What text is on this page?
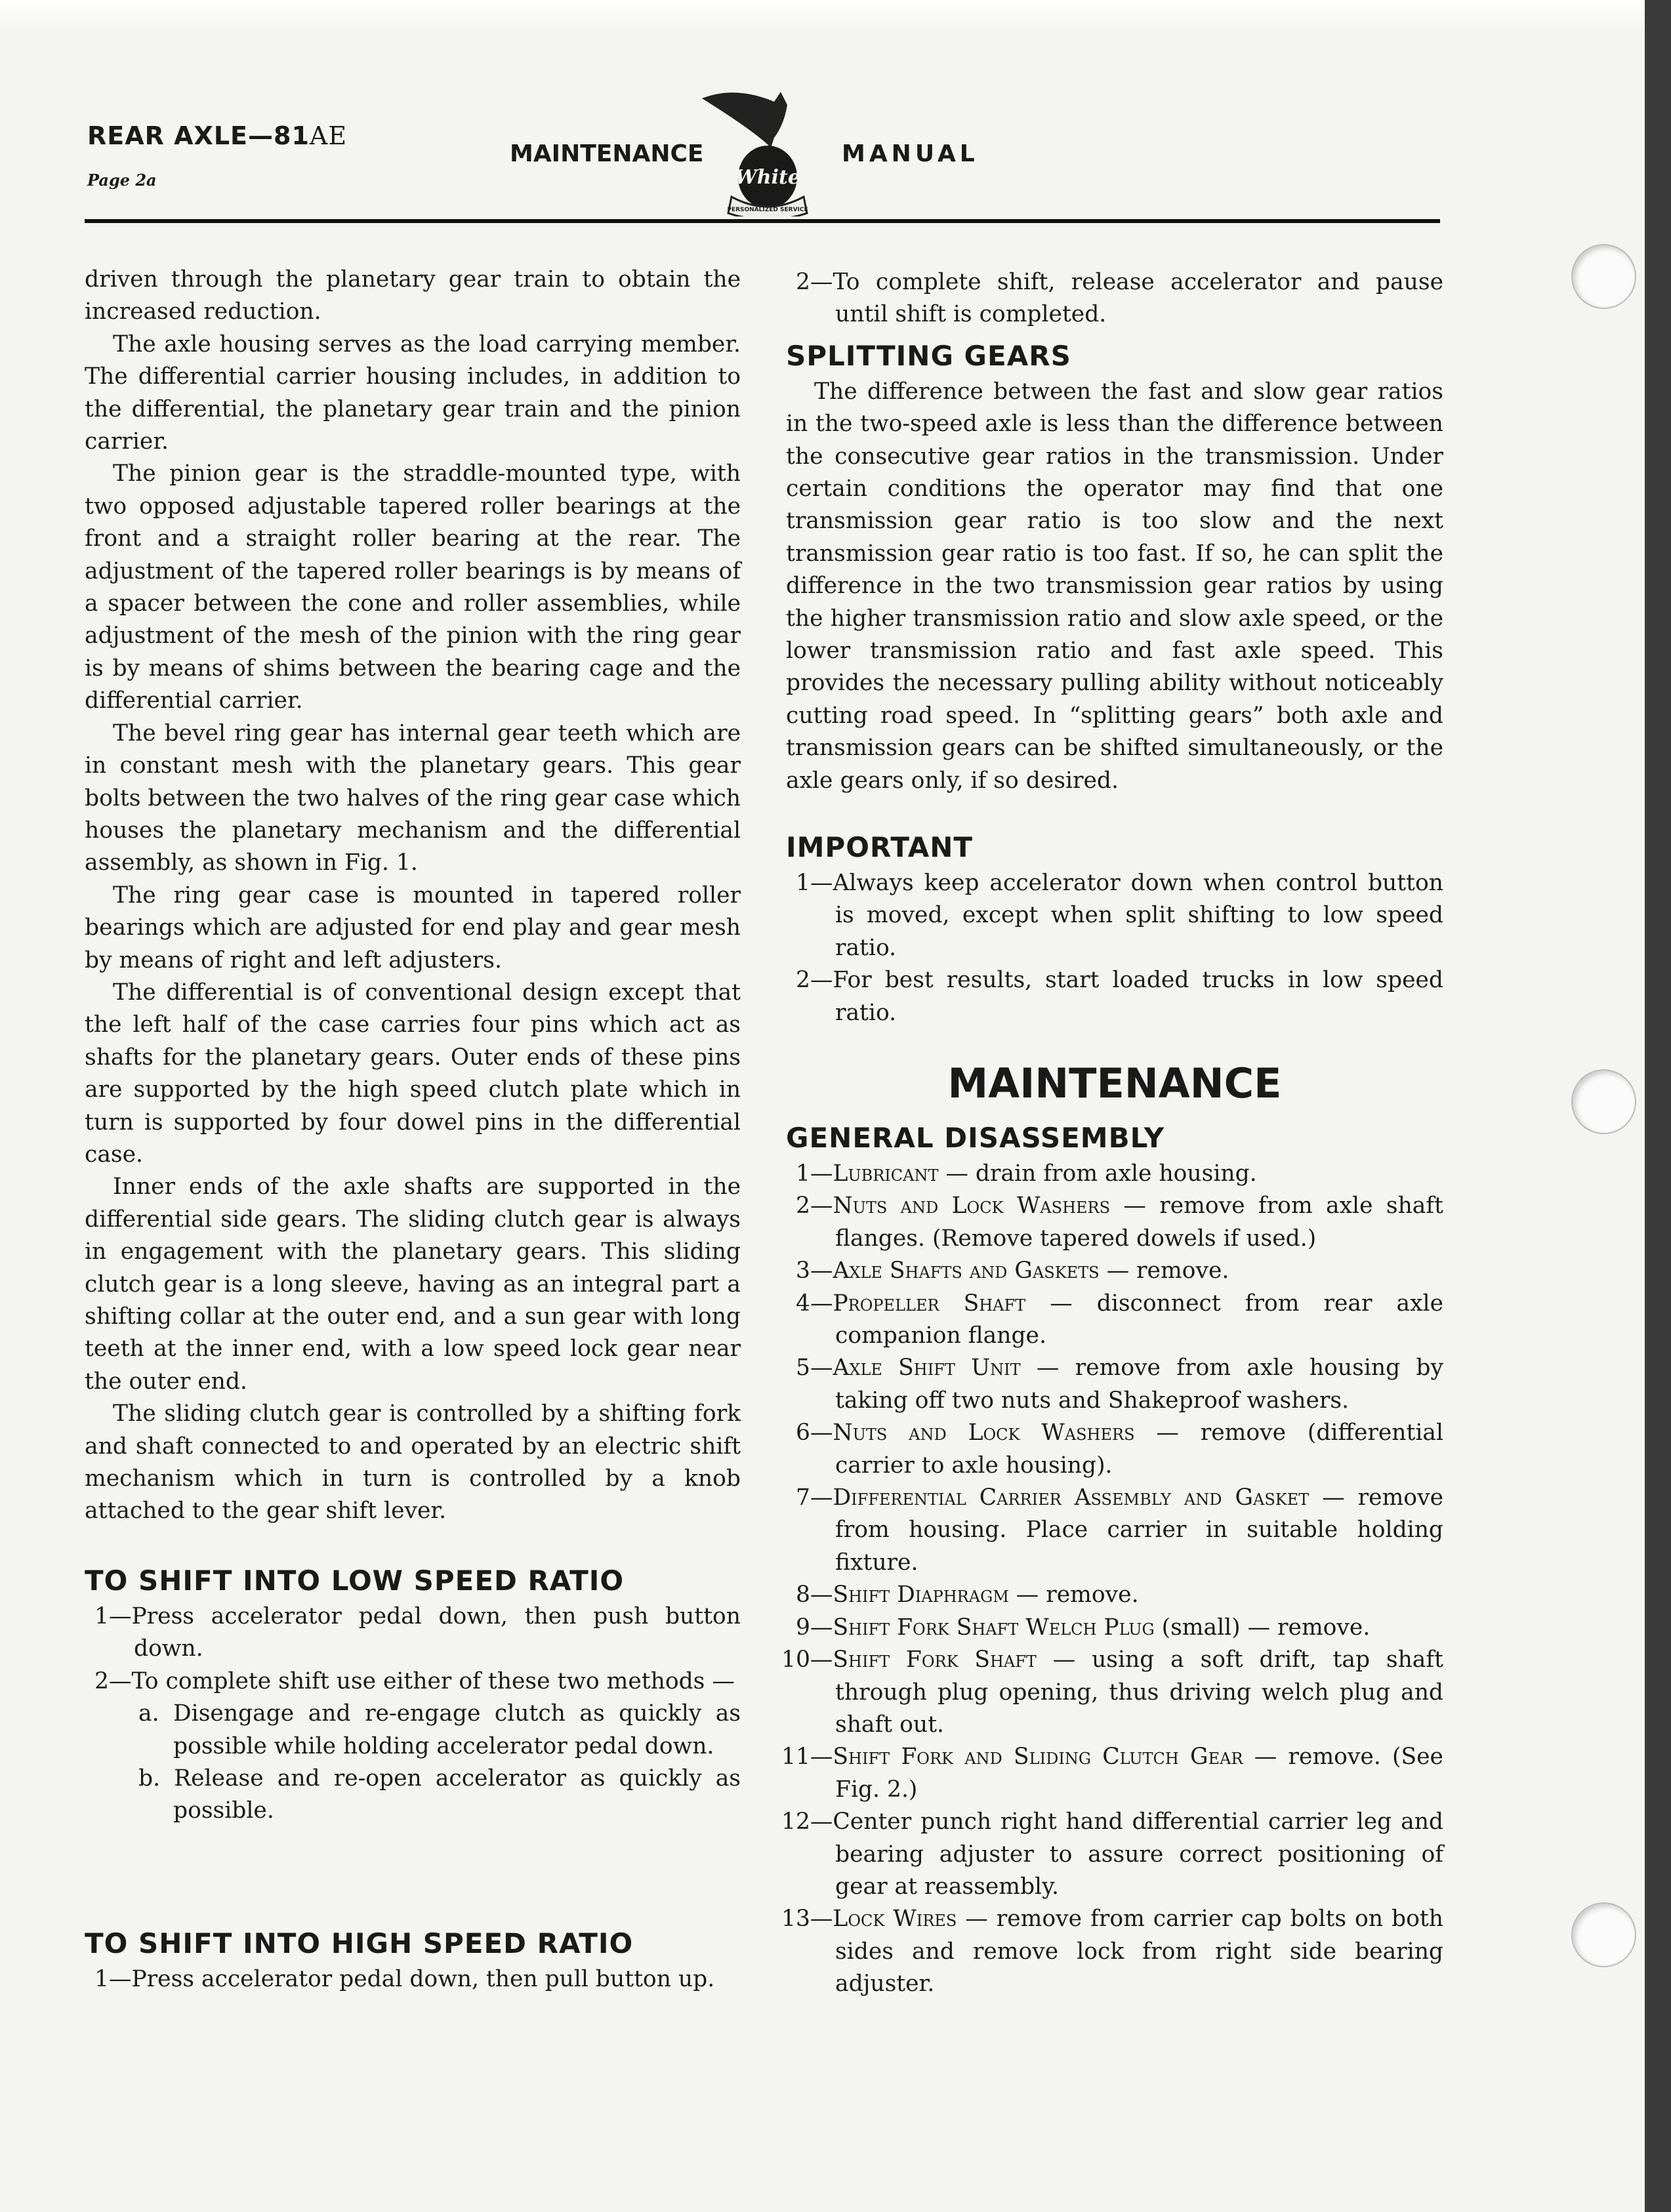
REAR AXLE—81AE
Page 2a
MAINTENANCE	MANUAL
White
PERSONALIZED SERVICE

driven through the planetary gear train to obtain the increased reduction.

The axle housing serves as the load carrying member. The differential carrier housing includes, in addition to the differential, the planetary gear train and the pinion carrier.

The pinion gear is the straddle-mounted type, with two opposed adjustable tapered roller bearings at the front and a straight roller bearing at the rear. The adjustment of the tapered roller bearings is by means of a spacer between the cone and roller assemblies, while adjustment of the mesh of the pinion with the ring gear is by means of shims between the bearing cage and the differential carrier.

The bevel ring gear has internal gear teeth which are in constant mesh with the planetary gears. This gear bolts between the two halves of the ring gear case which houses the planetary mechanism and the differential assembly, as shown in Fig. 1.

The ring gear case is mounted in tapered roller bearings which are adjusted for end play and gear mesh by means of right and left adjusters.

The differential is of conventional design except that the left half of the case carries four pins which act as shafts for the planetary gears. Outer ends of these pins are supported by the high speed clutch plate which in turn is supported by four dowel pins in the differential case.

Inner ends of the axle shafts are supported in the differential side gears. The sliding clutch gear is always in engagement with the planetary gears. This sliding clutch gear is a long sleeve, having as an integral part a shifting collar at the outer end, and a sun gear with long teeth at the inner end, with a low speed lock gear near the outer end.

The sliding clutch gear is controlled by a shifting fork and shaft connected to and operated by an electric shift mechanism which in turn is controlled by a knob attached to the gear shift lever.

TO SHIFT INTO LOW SPEED RATIO
1—Press accelerator pedal down, then push button down.
2—To complete shift use either of these two methods —
a. Disengage and re-engage clutch as quickly as possible while holding accelerator pedal down.
b. Release and re-open accelerator as quickly as possible.
TO SHIFT INTO HIGH SPEED RATIO
1—Press accelerator pedal down, then pull button up.
2—To complete shift, release accelerator and pause until shift is completed.
SPLITTING GEARS

The difference between the fast and slow gear ratios in the two-speed axle is less than the difference between the consecutive gear ratios in the transmission. Under certain conditions the operator may find that one transmission gear ratio is too slow and the next transmission gear ratio is too fast. If so, he can split the difference in the two transmission gear ratios by using the higher transmission ratio and slow axle speed, or the lower transmission ratio and fast axle speed. This provides the necessary pulling ability without noticeably cutting road speed. In “splitting gears” both axle and transmission gears can be shifted simultaneously, or the axle gears only, if so desired.

IMPORTANT
1—Always keep accelerator down when control button is moved, except when split shifting to low speed ratio.
2—For best results, start loaded trucks in low speed ratio.
MAINTENANCE
GENERAL DISASSEMBLY
1—Lubricant — drain from axle housing.
2—Nuts and Lock Washers — remove from axle shaft flanges. (Remove tapered dowels if used.)
3—Axle Shafts and Gaskets — remove.
4—Propeller Shaft — disconnect from rear axle companion flange.
5—Axle Shift Unit — remove from axle housing by taking off two nuts and Shakeproof washers.
6—Nuts and Lock Washers — remove (differential carrier to axle housing).
7—Differential Carrier Assembly and Gasket — remove from housing. Place carrier in suitable holding fixture.
8—Shift Diaphragm — remove.
9—Shift Fork Shaft Welch Plug (small) — remove.
10—Shift Fork Shaft — using a soft drift, tap shaft through plug opening, thus driving welch plug and shaft out.
11—Shift Fork and Sliding Clutch Gear — remove. (See Fig. 2.)
12—Center punch right hand differential carrier leg and bearing adjuster to assure correct positioning of gear at reassembly.
13—Lock Wires — remove from carrier cap bolts on both sides and remove lock from right side bearing adjuster.
